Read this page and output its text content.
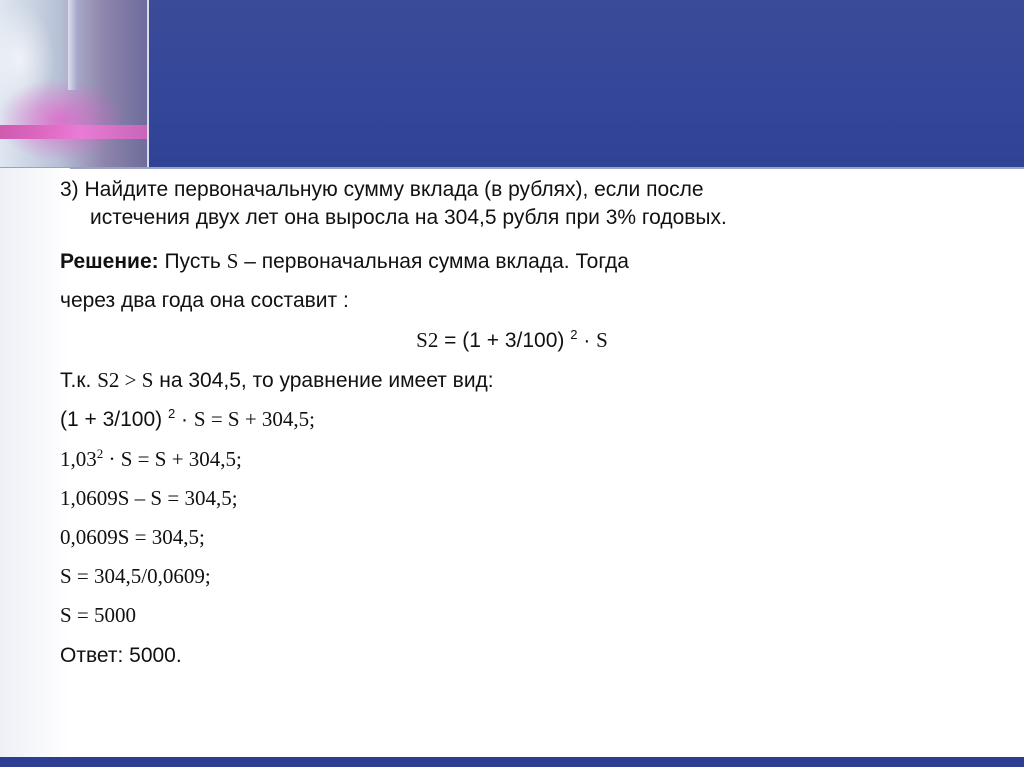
3) Найдите первоначальную сумму вклада (в рублях), если после
истечения двух лет она выросла на 304,5 рубля при 3% годовых.
Решение: Пусть S – первоначальная сумма вклада. Тогда
через два года она составит :
S2 = (1 + 3/100) $^2$ · S
Т.к. S2 > S на 304,5, то уравнение имеет вид:
(1 + 3/100) $^2$ · S = S + 304,5;
$1,03^2 \cdot S = S + 304,5$;
1,0609S – S = 304,5;
0,0609S = 304,5;
S = 304,5/0,0609;
S = 5000
Ответ: 5000.
